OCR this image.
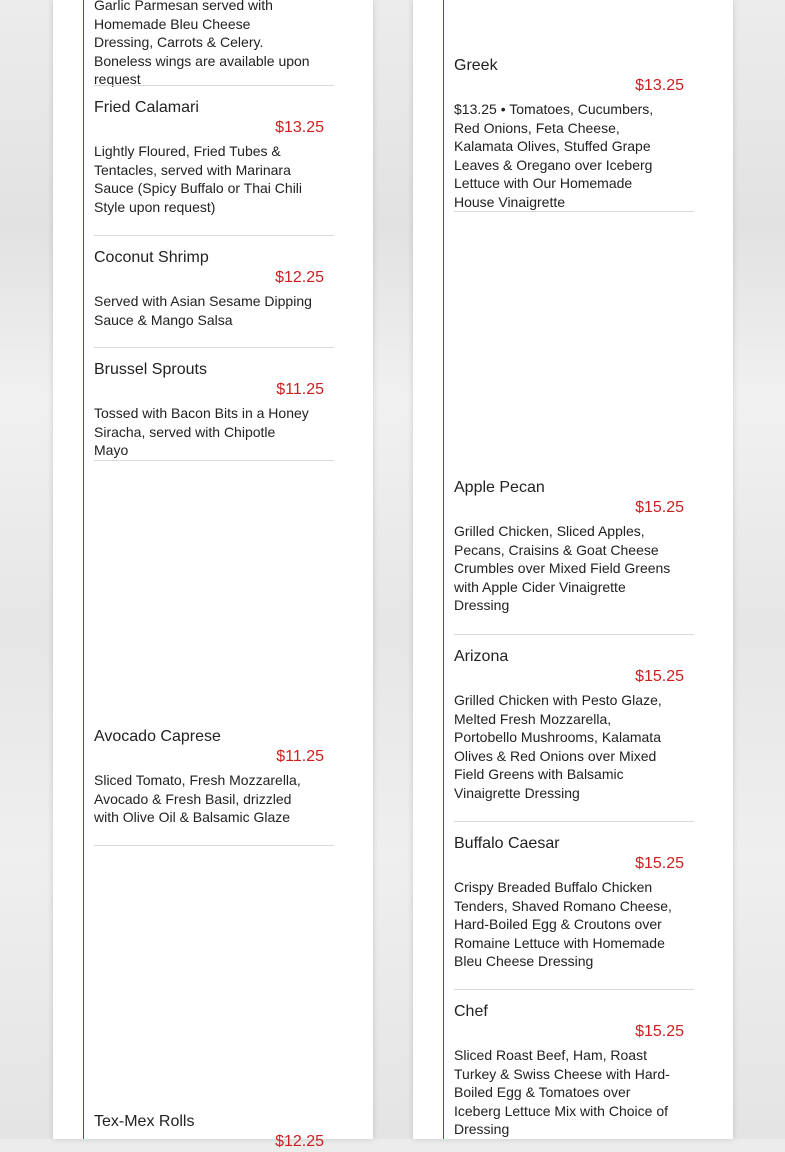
Garlic Parmesan served with Homemade Bleu Cheese Dressing, Carrots & Celery. Boneless wings are available upon request
Fried Calamari
$13.25
Lightly Floured, Fried Tubes & Tentacles, served with Marinara Sauce (Spicy Buffalo or Thai Chili Style upon request)
Coconut Shrimp
$12.25
Served with Asian Sesame Dipping Sauce & Mango Salsa
Brussel Sprouts
$11.25
Tossed with Bacon Bits in a Honey Siracha, served with Chipotle Mayo
Avocado Caprese
$11.25
Sliced Tomato, Fresh Mozzarella, Avocado & Fresh Basil, drizzled with Olive Oil & Balsamic Glaze
Tex-Mex Rolls
$12.25
Greek
$13.25
$13.25 • Tomatoes, Cucumbers, Red Onions, Feta Cheese, Kalamata Olives, Stuffed Grape Leaves & Oregano over Iceberg Lettuce with Our Homemade House Vinaigrette
Apple Pecan
$15.25
Grilled Chicken, Sliced Apples, Pecans, Craisins & Goat Cheese Crumbles over Mixed Field Greens with Apple Cider Vinaigrette Dressing
Arizona
$15.25
Grilled Chicken with Pesto Glaze, Melted Fresh Mozzarella, Portobello Mushrooms, Kalamata Olives & Red Onions over Mixed Field Greens with Balsamic Vinaigrette Dressing
Buffalo Caesar
$15.25
Crispy Breaded Buffalo Chicken Tenders, Shaved Romano Cheese, Hard-Boiled Egg & Croutons over Romaine Lettuce with Homemade Bleu Cheese Dressing
Chef
$15.25
Sliced Roast Beef, Ham, Roast Turkey & Swiss Cheese with Hard-Boiled Egg & Tomatoes over Iceberg Lettuce Mix with Choice of Dressing
